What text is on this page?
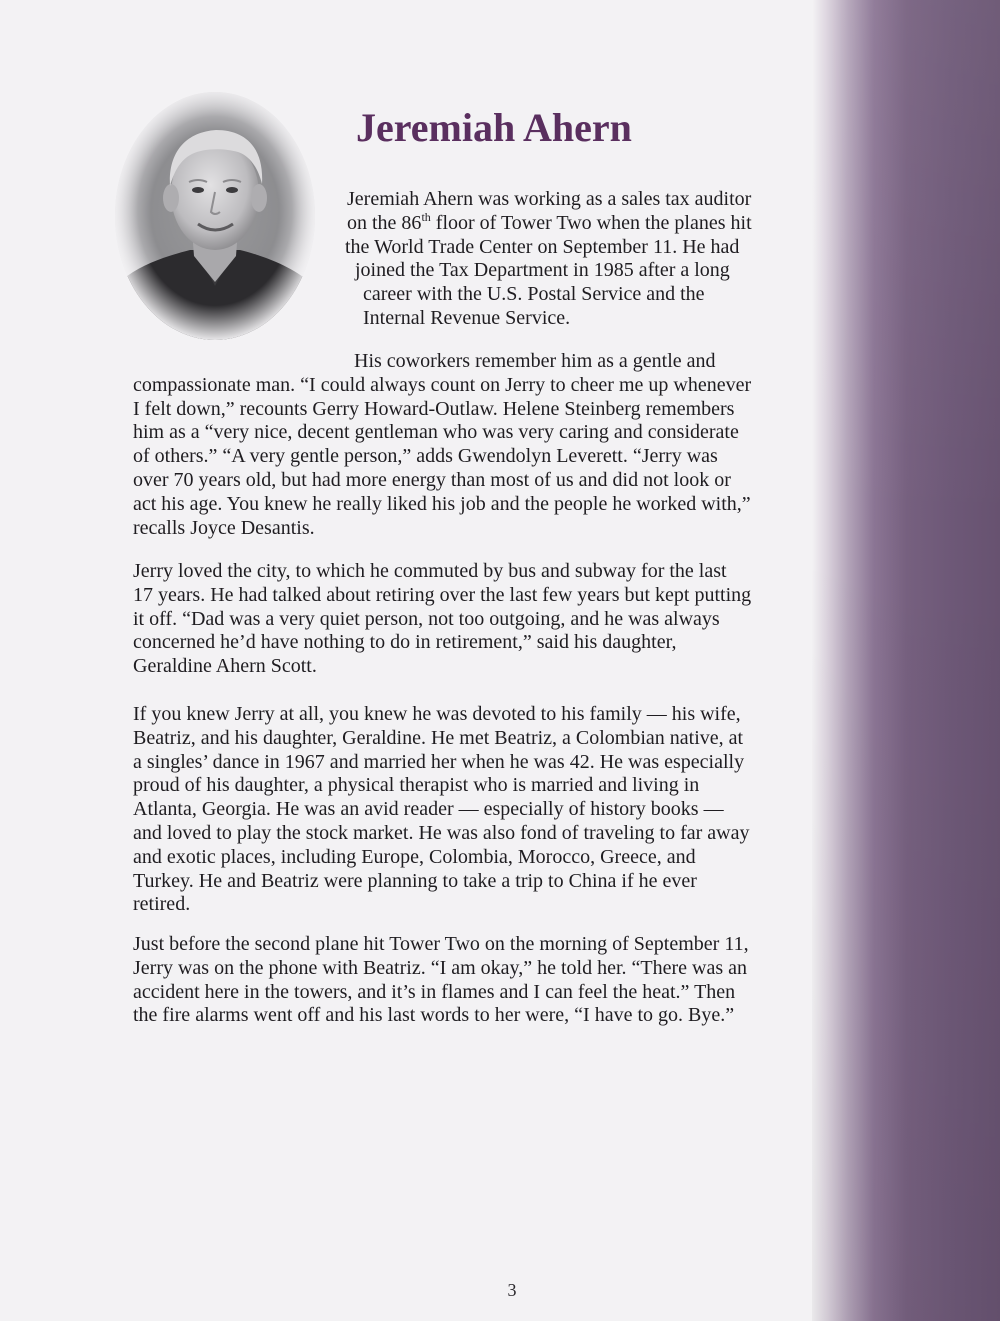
Jeremiah Ahern
Jeremiah Ahern was working as a sales tax auditor
on the 86th floor of Tower Two when the planes hit
the World Trade Center on September 11. He had
joined the Tax Department in 1985 after a long
career with the U.S. Postal Service and the
Internal Revenue Service.
His coworkers remember him as a gentle and
compassionate man. “I could always count on Jerry to cheer me up whenever
I felt down,” recounts Gerry Howard-Outlaw. Helene Steinberg remembers
him as a “very nice, decent gentleman who was very caring and considerate
of others.” “A very gentle person,” adds Gwendolyn Leverett. “Jerry was
over 70 years old, but had more energy than most of us and did not look or
act his age. You knew he really liked his job and the people he worked with,”
recalls Joyce Desantis.
Jerry loved the city, to which he commuted by bus and subway for the last
17 years. He had talked about retiring over the last few years but kept putting
it off. “Dad was a very quiet person, not too outgoing, and he was always
concerned he’d have nothing to do in retirement,” said his daughter,
Geraldine Ahern Scott.
If you knew Jerry at all, you knew he was devoted to his family — his wife,
Beatriz, and his daughter, Geraldine. He met Beatriz, a Colombian native, at
a singles’ dance in 1967 and married her when he was 42. He was especially
proud of his daughter, a physical therapist who is married and living in
Atlanta, Georgia. He was an avid reader — especially of history books —
and loved to play the stock market. He was also fond of traveling to far away
and exotic places, including Europe, Colombia, Morocco, Greece, and
Turkey. He and Beatriz were planning to take a trip to China if he ever
retired.
Just before the second plane hit Tower Two on the morning of September 11,
Jerry was on the phone with Beatriz. “I am okay,” he told her. “There was an
accident here in the towers, and it’s in flames and I can feel the heat.” Then
the fire alarms went off and his last words to her were, “I have to go. Bye.”
3
